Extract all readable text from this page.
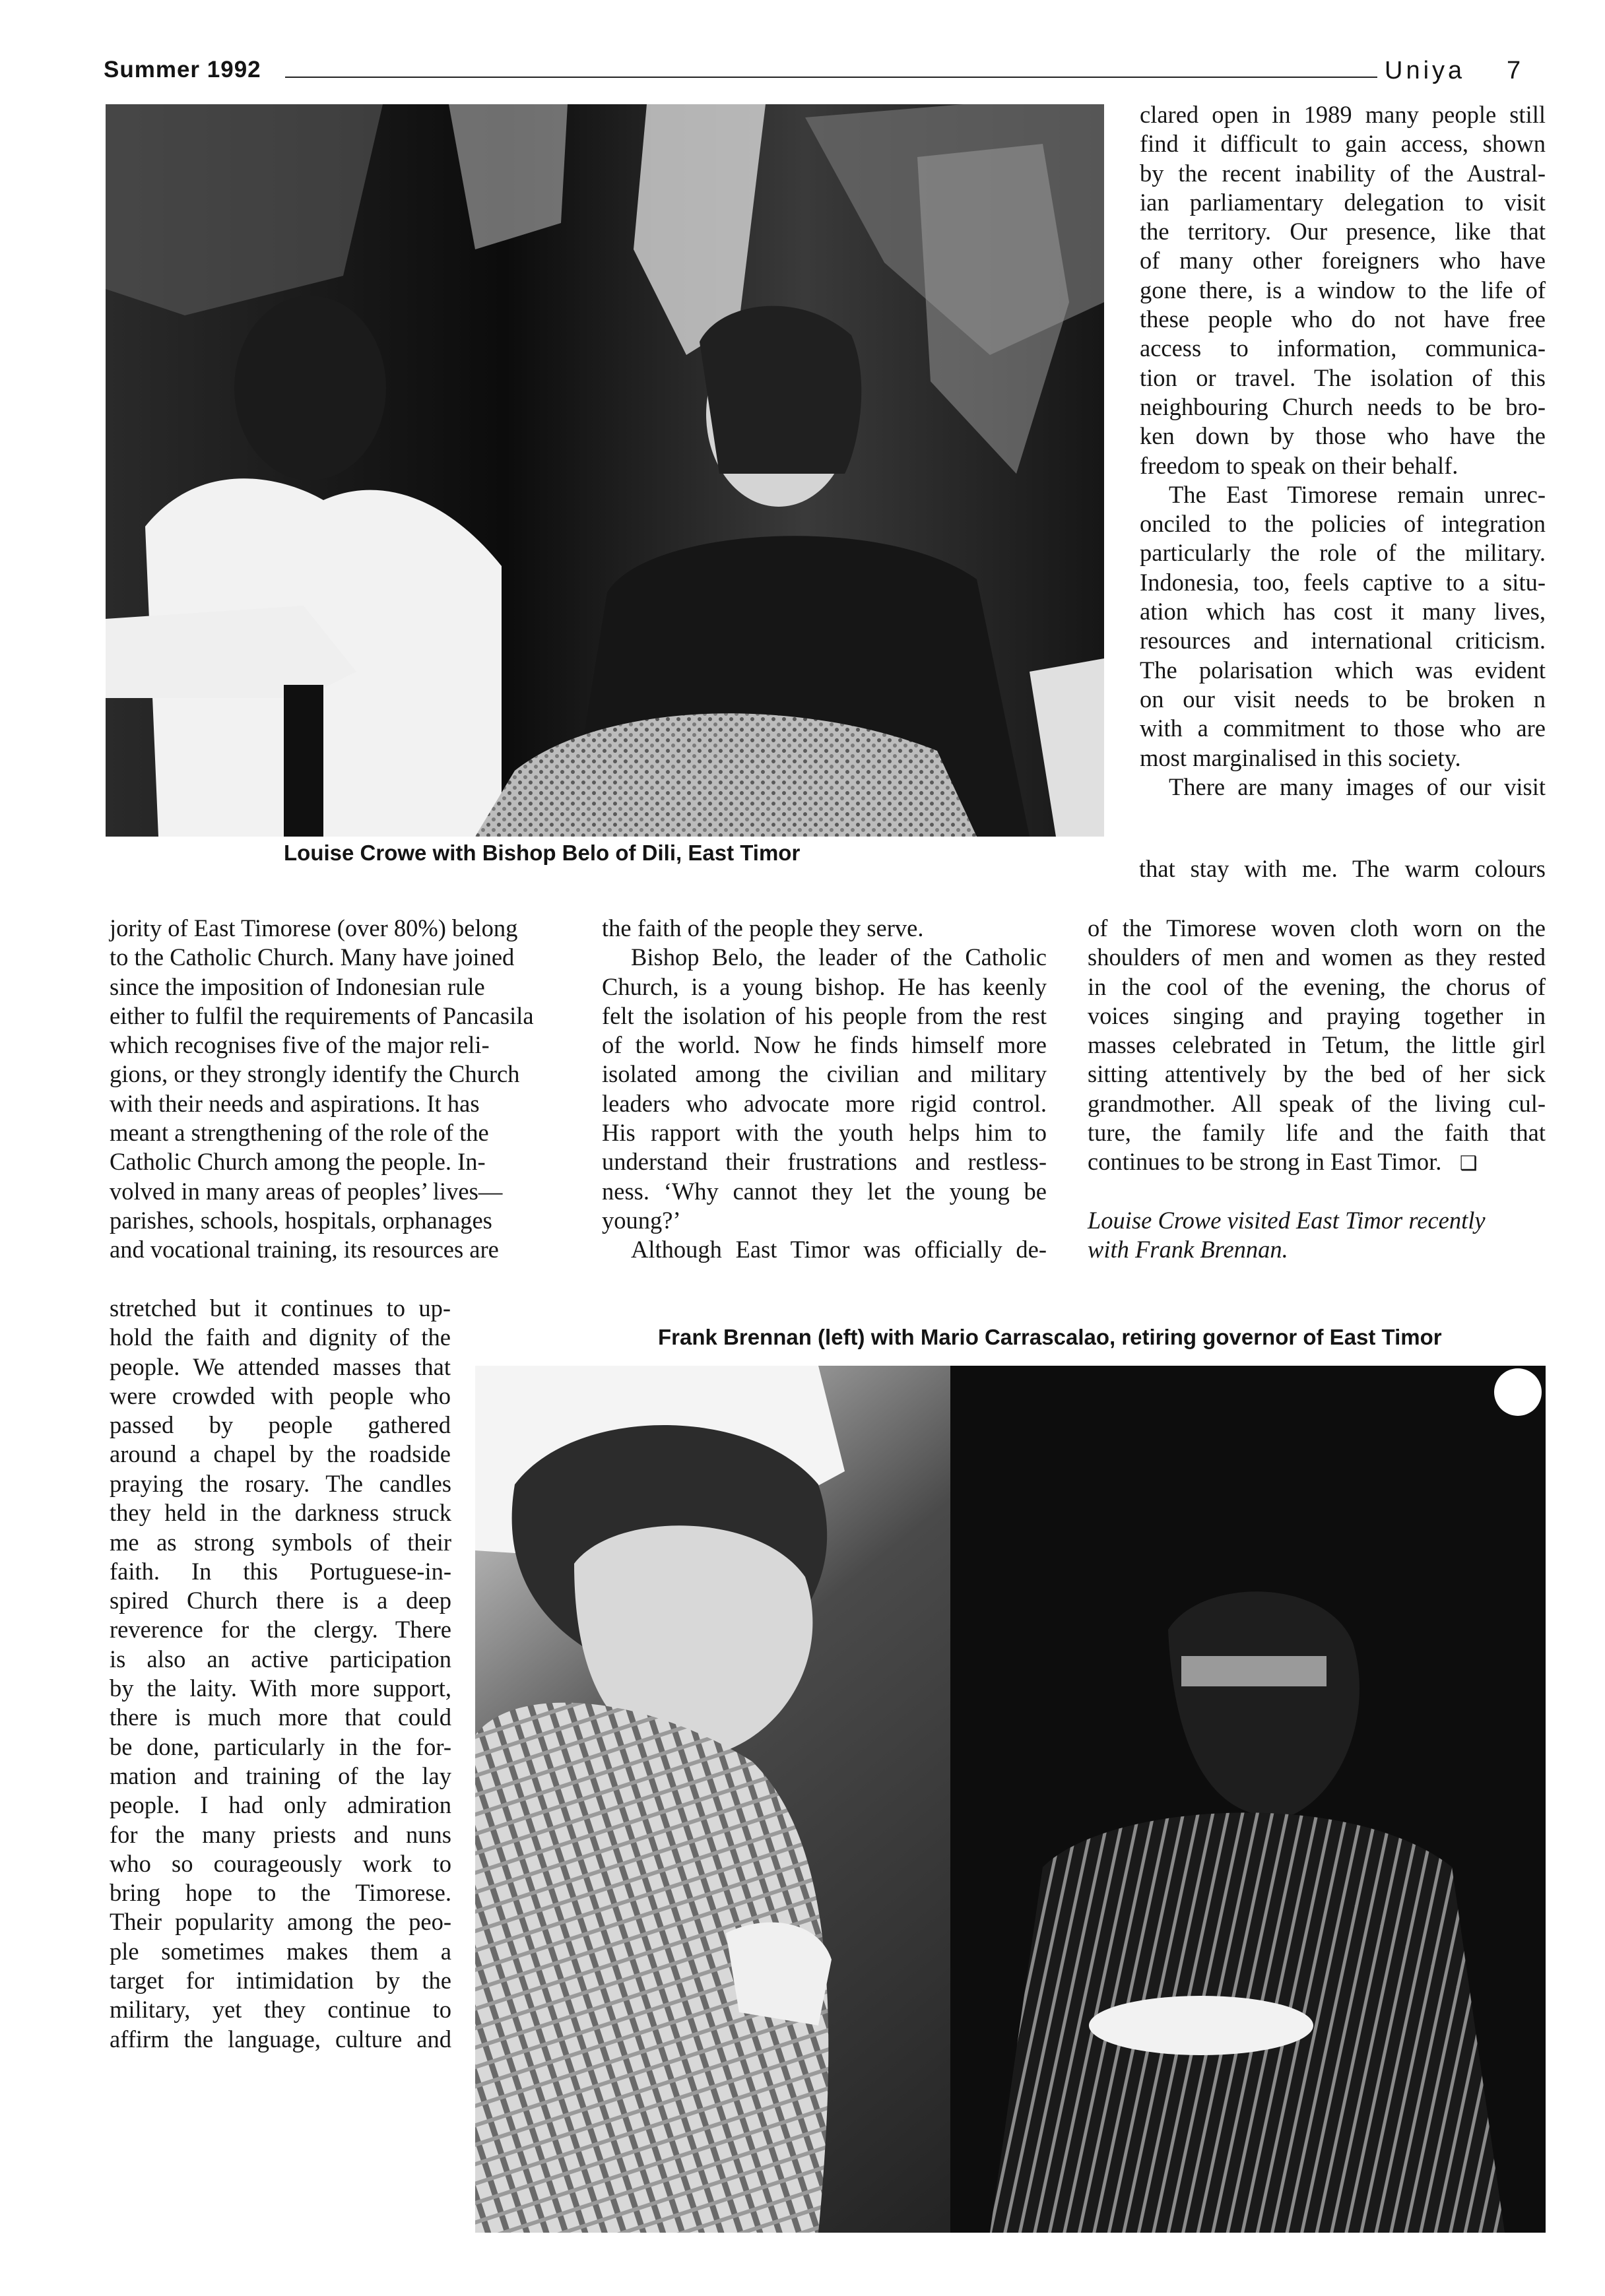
Summer 1992	Uniya 7
Louise Crowe with Bishop Belo of Dili, East Timor
clared open in 1989 many people still
find it difficult to gain access, shown
by the recent inability of the Austral-
ian parliamentary delegation to visit
the territory. Our presence, like that
of many other foreigners who have
gone there, is a window to the life of
these people who do not have free
access to information, communica-
tion or travel. The isolation of this
neighbouring Church needs to be bro-
ken down by those who have the
freedom to speak on their behalf.
The East Timorese remain unrec-
onciled to the policies of integration
particularly the role of the military.
Indonesia, too, feels captive to a situ-
ation which has cost it many lives,
resources and international criticism.
The polarisation which was evident
on our visit needs to be broken n
with a commitment to those who are
most marginalised in this society.
There are many images of our visit
that stay with me. The warm colours
jority of East Timorese (over 80%) belong
to the Catholic Church. Many have joined
since the imposition of Indonesian rule
either to fulfil the requirements of Pancasila
which recognises five of the major reli-
gions, or they strongly identify the Church
with their needs and aspirations. It has
meant a strengthening of the role of the
Catholic Church among the people. In-
volved in many areas of peoples’ lives—
parishes, schools, hospitals, orphanages
and vocational training, its resources are
stretched but it continues to up-
hold the faith and dignity of the
people. We attended masses that
were crowded with people who
passed by people gathered
around a chapel by the roadside
praying the rosary. The candles
they held in the darkness struck
me as strong symbols of their
faith. In this Portuguese-in-
spired Church there is a deep
reverence for the clergy. There
is also an active participation
by the laity. With more support,
there is much more that could
be done, particularly in the for-
mation and training of the lay
people. I had only admiration
for the many priests and nuns
who so courageously work to
bring hope to the Timorese.
Their popularity among the peo-
ple sometimes makes them a
target for intimidation by the
military, yet they continue to
affirm the language, culture and
the faith of the people they serve.
Bishop Belo, the leader of the Catholic
Church, is a young bishop. He has keenly
felt the isolation of his people from the rest
of the world. Now he finds himself more
isolated among the civilian and military
leaders who advocate more rigid control.
His rapport with the youth helps him to
understand their frustrations and restless-
ness. ‘Why cannot they let the young be
young?’
Although East Timor was officially de-
of the Timorese woven cloth worn on the
shoulders of men and women as they rested
in the cool of the evening, the chorus of
voices singing and praying together in
masses celebrated in Tetum, the little girl
sitting attentively by the bed of her sick
grandmother. All speak of the living cul-
ture, the family life and the faith that
continues to be strong in East Timor. ❑
Louise Crowe visited East Timor recently
with Frank Brennan.
Frank Brennan (left) with Mario Carrascalao, retiring governor of East Timor
